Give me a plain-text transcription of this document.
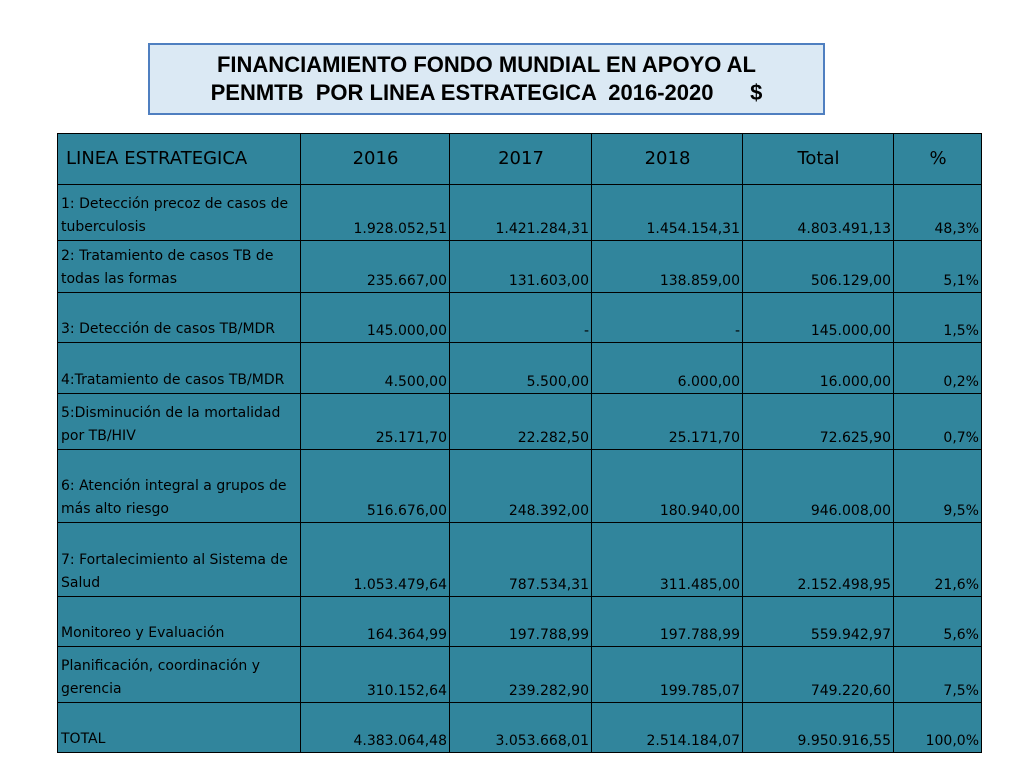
FINANCIAMIENTO FONDO MUNDIAL EN APOYO AL
PENMTB  POR LINEA ESTRATEGICA  2016-2020      $
LINEA ESTRATEGICA	2016	2017	2018	Total	%
1: Detección precoz de casos de tuberculosis	1.928.052,51	1.421.284,31	1.454.154,31	4.803.491,13	48,3%
2: Tratamiento de casos TB de todas las formas	235.667,00	131.603,00	138.859,00	506.129,00	5,1%
3: Detección de casos TB/MDR	145.000,00	-	-	145.000,00	1,5%
4:Tratamiento de casos TB/MDR	4.500,00	5.500,00	6.000,00	16.000,00	0,2%
5:Disminución de la mortalidad por TB/HIV	25.171,70	22.282,50	25.171,70	72.625,90	0,7%
6: Atención integral a grupos de más alto riesgo	516.676,00	248.392,00	180.940,00	946.008,00	9,5%
7: Fortalecimiento al Sistema de Salud	1.053.479,64	787.534,31	311.485,00	2.152.498,95	21,6%
Monitoreo y Evaluación	164.364,99	197.788,99	197.788,99	559.942,97	5,6%
Planificación, coordinación y gerencia	310.152,64	239.282,90	199.785,07	749.220,60	7,5%
TOTAL	4.383.064,48	3.053.668,01	2.514.184,07	9.950.916,55	100,0%
